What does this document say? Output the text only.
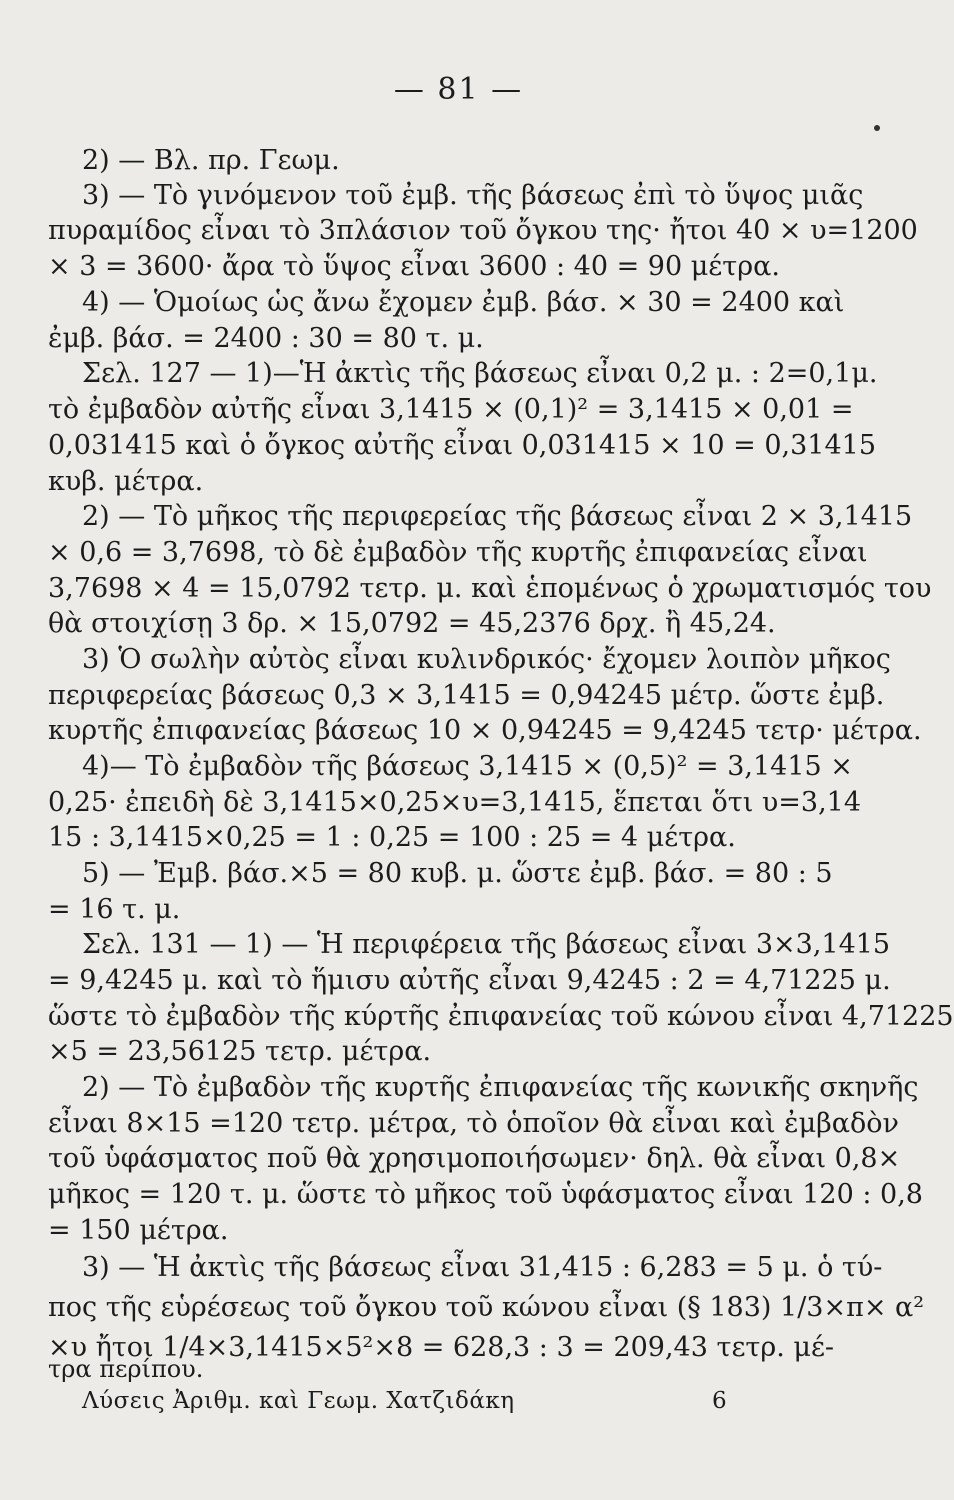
— 81 —
2) — Βλ. πρ. Γεωμ.
3) — Τὸ γινόμενον τοῦ ἐμβ. τῆς βάσεως ἐπὶ τὸ ὕψος μιᾶς
πυραμίδος εἶναι τὸ 3πλάσιον τοῦ ὄγκου της· ἤτοι 40 × υ=1200
× 3 = 3600· ἄρα τὸ ὕψος εἶναι 3600 : 40 = 90 μέτρα.
4) — Ὁμοίως ὡς ἄνω ἔχομεν ἐμβ. βάσ. × 30 = 2400 καὶ
ἐμβ. βάσ. = 2400 : 30 = 80 τ. μ.
Σελ. 127 — 1)—Ἡ ἀκτὶς τῆς βάσεως εἶναι 0,2 μ. : 2=0,1μ.
τὸ ἐμβαδὸν αὐτῆς εἶναι 3,1415 × (0,1)² = 3,1415 × 0,01 =
0,031415 καὶ ὁ ὄγκος αὐτῆς εἶναι 0,031415 × 10 = 0,31415
κυβ. μέτρα.
2) — Τὸ μῆκος τῆς περιφερείας τῆς βάσεως εἶναι 2 × 3,1415
× 0,6 = 3,7698, τὸ δὲ ἐμβαδὸν τῆς κυρτῆς ἐπιφανείας εἶναι
3,7698 × 4 = 15,0792 τετρ. μ. καὶ ἑπομένως ὁ χρωματισμός του
θὰ στοιχίσῃ 3 δρ. × 15,0792 = 45,2376 δρχ. ἢ 45,24.
3) Ὁ σωλὴν αὐτὸς εἶναι κυλινδρικός· ἔχομεν λοιπὸν μῆκος
περιφερείας βάσεως 0,3 × 3,1415 = 0,94245 μέτρ. ὥστε ἐμβ.
κυρτῆς ἐπιφανείας βάσεως 10 × 0,94245 = 9,4245 τετρ· μέτρα.
4)— Τὸ ἐμβαδὸν τῆς βάσεως 3,1415 × (0,5)² = 3,1415 ×
0,25· ἐπειδὴ δὲ 3,1415×0,25×υ=3,1415, ἕπεται ὅτι υ=3,14
15 : 3,1415×0,25 = 1 : 0,25 = 100 : 25 = 4 μέτρα.
5) — Ἐμβ. βάσ.×5 = 80 κυβ. μ. ὥστε ἐμβ. βάσ. = 80 : 5
= 16 τ. μ.
Σελ. 131 — 1) — Ἡ περιφέρεια τῆς βάσεως εἶναι 3×3,1415
= 9,4245 μ. καὶ τὸ ἥμισυ αὐτῆς εἶναι 9,4245 : 2 = 4,71225 μ.
ὥστε τὸ ἐμβαδὸν τῆς κύρτῆς ἐπιφανείας τοῦ κώνου εἶναι 4,71225
×5 = 23,56125 τετρ. μέτρα.
2) — Τὸ ἐμβαδὸν τῆς κυρτῆς ἐπιφανείας τῆς κωνικῆς σκηνῆς
εἶναι 8×15 =120 τετρ. μέτρα, τὸ ὁποῖον θὰ εἶναι καὶ ἐμβαδὸν
τοῦ ὑφάσματος ποῦ θὰ χρησιμοποιήσωμεν· δηλ. θὰ εἶναι 0,8×
μῆκος = 120 τ. μ. ὥστε τὸ μῆκος τοῦ ὑφάσματος εἶναι 120 : 0,8
= 150 μέτρα.
3) — Ἡ ἀκτὶς τῆς βάσεως εἶναι 31,415 : 6,283 = 5 μ. ὁ τύ-
πος τῆς εὑρέσεως τοῦ ὄγκου τοῦ κώνου εἶναι (§ 183) 1/3×π× α²
×υ ἤτοι 1/4×3,1415×5²×8 = 628,3 : 3 = 209,43 τετρ. μέ-
τρα περίπου.
Λύσεις Ἀριθμ. καὶ Γεωμ. Χατζιδάκη	6
